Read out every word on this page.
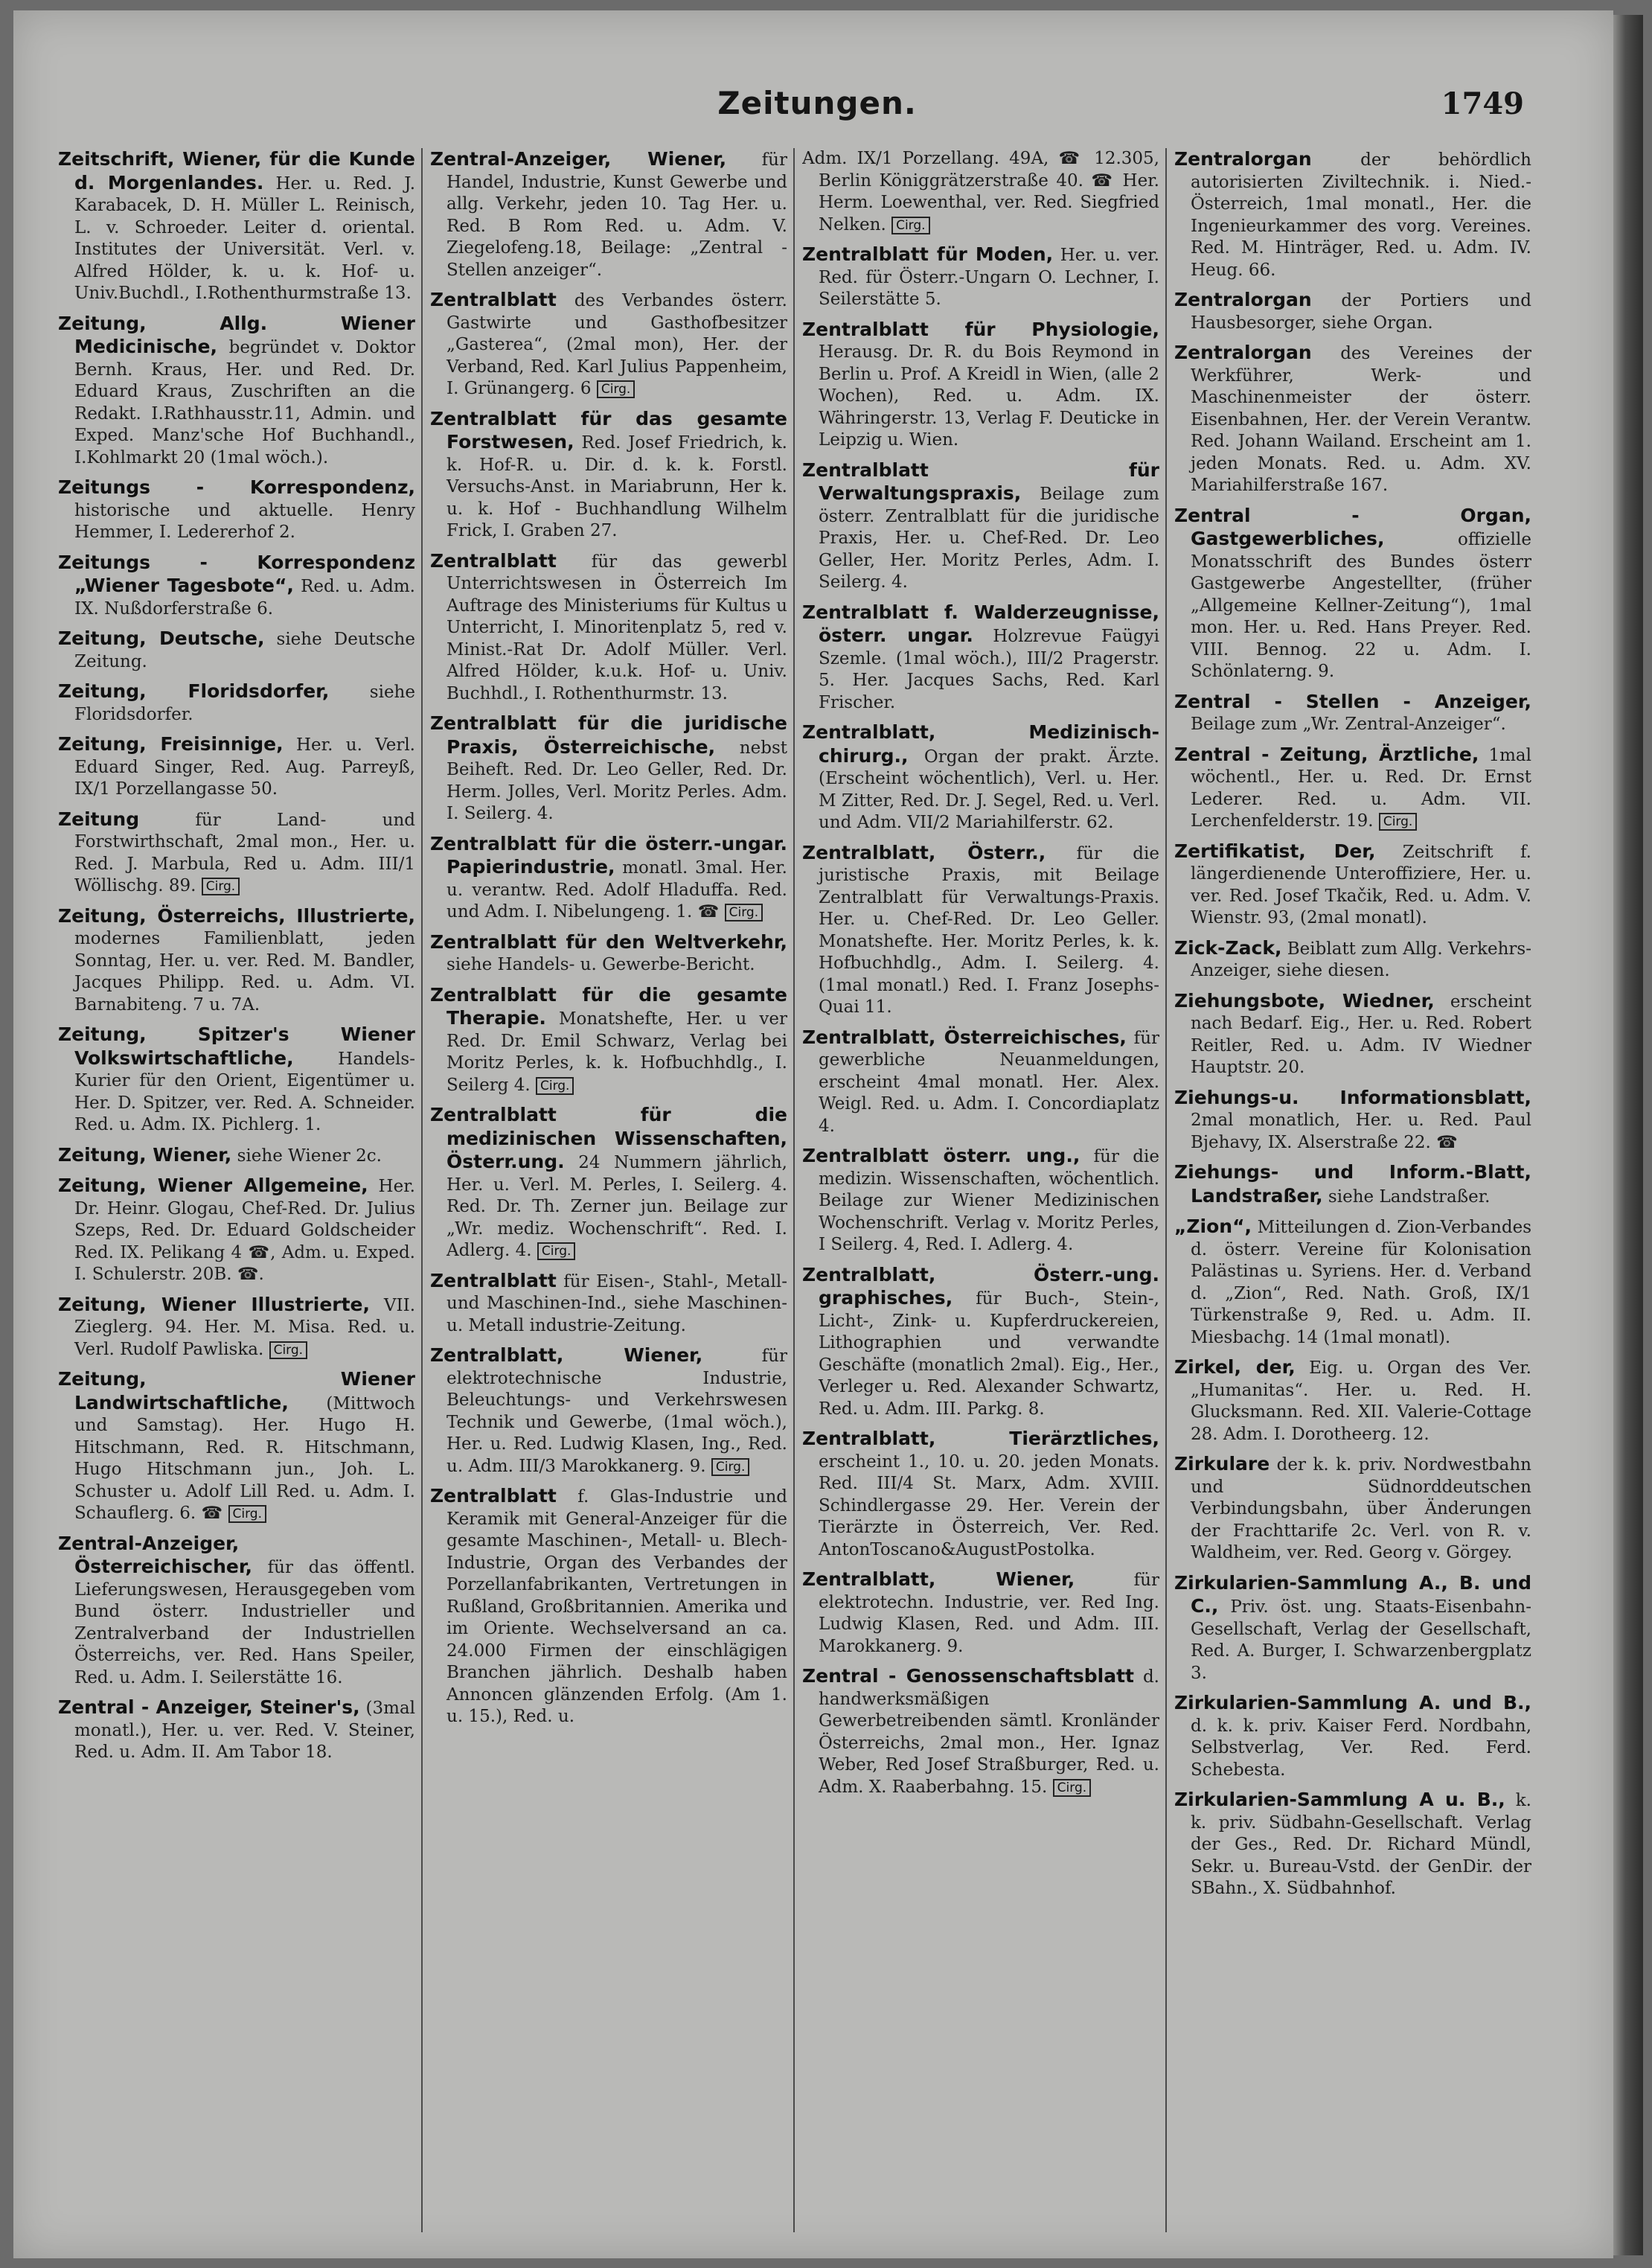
Zeitungen.	1749

Zeitschrift, Wiener, für die Kunde d. Morgenlandes. Her. u. Red. J. Karabacek, D. H. Müller L. Reinisch, L. v. Schroeder. Leiter d. oriental. Institutes der Universität. Verl. v. Alfred Hölder, k. u. k. Hof- u. Univ.Buchdl., I.Rothenthurmstraße 13.

Zeitung, Allg. Wiener Medicinische, begründet v. Doktor Bernh. Kraus, Her. und Red. Dr. Eduard Kraus, Zuschriften an die Redakt. I.Rathhausstr.11, Admin. und Exped. Manz'sche Hof Buchhandl., I.Kohlmarkt 20 (1mal wöch.).

Zeitungs - Korrespondenz, historische und aktuelle. Henry Hemmer, I. Ledererhof 2.

Zeitungs - Korrespondenz „Wiener Tagesbote“, Red. u. Adm. IX. Nußdorferstraße 6.

Zeitung, Deutsche, siehe Deutsche Zeitung.

Zeitung, Floridsdorfer, siehe Floridsdorfer.

Zeitung, Freisinnige, Her. u. Verl. Eduard Singer, Red. Aug. Parreyß, IX/1 Porzellangasse 50.

Zeitung für Land- und Forstwirthschaft, 2mal mon., Her. u. Red. J. Marbula, Red u. Adm. III/1 Wöllischg. 89. Cirg.

Zeitung, Österreichs, Illustrierte, modernes Familienblatt, jeden Sonntag, Her. u. ver. Red. M. Bandler, Jacques Philipp. Red. u. Adm. VI. Barnabiteng. 7 u. 7A.

Zeitung, Spitzer's Wiener Volkswirtschaftliche, Handels-Kurier für den Orient, Eigentümer u. Her. D. Spitzer, ver. Red. A. Schneider. Red. u. Adm. IX. Pichlerg. 1.

Zeitung, Wiener, siehe Wiener 2c.

Zeitung, Wiener Allgemeine, Her. Dr. Heinr. Glogau, Chef-Red. Dr. Julius Szeps, Red. Dr. Eduard Goldscheider Red. IX. Pelikang 4 ☎, Adm. u. Exped. I. Schulerstr. 20B. ☎.

Zeitung, Wiener Illustrierte, VII. Zieglerg. 94. Her. M. Misa. Red. u. Verl. Rudolf Pawliska. Cirg.

Zeitung, Wiener Landwirtschaftliche, (Mittwoch und Samstag). Her. Hugo H. Hitschmann, Red. R. Hitschmann, Hugo Hitschmann jun., Joh. L. Schuster u. Adolf Lill Red. u. Adm. I. Schauflerg. 6. ☎ Cirg.

Zentral-Anzeiger, Österreichischer, für das öffentl. Lieferungswesen, Herausgegeben vom Bund österr. Industrieller und Zentralverband der Industriellen Österreichs, ver. Red. Hans Speiler, Red. u. Adm. I. Seilerstätte 16.

Zentral - Anzeiger, Steiner's, (3mal monatl.), Her. u. ver. Red. V. Steiner, Red. u. Adm. II. Am Tabor 18.

Zentral-Anzeiger, Wiener, für Handel, Industrie, Kunst Gewerbe und allg. Verkehr, jeden 10. Tag Her. u. Red. B Rom Red. u. Adm. V. Ziegelofeng.18, Beilage: „Zentral - Stellen anzeiger“.

Zentralblatt des Verbandes österr. Gastwirte und Gasthofbesitzer „Gasterea“, (2mal mon), Her. der Verband, Red. Karl Julius Pappenheim, I. Grünangerg. 6 Cirg.

Zentralblatt für das gesamte Forstwesen, Red. Josef Friedrich, k. k. Hof-R. u. Dir. d. k. k. Forstl. Versuchs-Anst. in Mariabrunn, Her k. u. k. Hof - Buchhandlung Wilhelm Frick, I. Graben 27.

Zentralblatt für das gewerbl Unterrichtswesen in Österreich Im Auftrage des Ministeriums für Kultus u Unterricht, I. Minoritenplatz 5, red v. Minist.-Rat Dr. Adolf Müller. Verl. Alfred Hölder, k.u.k. Hof- u. Univ. Buchhdl., I. Rothenthurmstr. 13.

Zentralblatt für die juridische Praxis, Österreichische, nebst Beiheft. Red. Dr. Leo Geller, Red. Dr. Herm. Jolles, Verl. Moritz Perles. Adm. I. Seilerg. 4.

Zentralblatt für die österr.-ungar. Papierindustrie, monatl. 3mal. Her. u. verantw. Red. Adolf Hladuffa. Red. und Adm. I. Nibelungeng. 1. ☎ Cirg.

Zentralblatt für den Weltverkehr, siehe Handels- u. Gewerbe-Bericht.

Zentralblatt für die gesamte Therapie. Monatshefte, Her. u ver Red. Dr. Emil Schwarz, Verlag bei Moritz Perles, k. k. Hofbuchhdlg., I. Seilerg 4. Cirg.

Zentralblatt für die medizinischen Wissenschaften, Österr.ung. 24 Nummern jährlich, Her. u. Verl. M. Perles, I. Seilerg. 4. Red. Dr. Th. Zerner jun. Beilage zur „Wr. mediz. Wochenschrift“. Red. I. Adlerg. 4. Cirg.

Zentralblatt für Eisen-, Stahl-, Metall- und Maschinen-Ind., siehe Maschinen- u. Metall industrie-Zeitung.

Zentralblatt, Wiener, für elektrotechnische Industrie, Beleuchtungs- und Verkehrswesen Technik und Gewerbe, (1mal wöch.), Her. u. Red. Ludwig Klasen, Ing., Red. u. Adm. III/3 Marokkanerg. 9. Cirg.

Zentralblatt f. Glas-Industrie und Keramik mit General-Anzeiger für die gesamte Maschinen-, Metall- u. Blech-Industrie, Organ des Verbandes der Porzellanfabrikanten, Vertretungen in Rußland, Großbritannien. Amerika und im Oriente. Wechselversand an ca. 24.000 Firmen der einschlägigen Branchen jährlich. Deshalb haben Annoncen glänzenden Erfolg. (Am 1. u. 15.), Red. u.

Adm. IX/1 Porzellang. 49A, ☎ 12.305, Berlin Königgrätzerstraße 40. ☎ Her. Herm. Loewenthal, ver. Red. Siegfried Nelken. Cirg.

Zentralblatt für Moden, Her. u. ver. Red. für Österr.-Ungarn O. Lechner, I. Seilerstätte 5.

Zentralblatt für Physiologie, Herausg. Dr. R. du Bois Reymond in Berlin u. Prof. A Kreidl in Wien, (alle 2 Wochen), Red. u. Adm. IX. Währingerstr. 13, Verlag F. Deuticke in Leipzig u. Wien.

Zentralblatt für Verwaltungspraxis, Beilage zum österr. Zentralblatt für die juridische Praxis, Her. u. Chef-Red. Dr. Leo Geller, Her. Moritz Perles, Adm. I. Seilerg. 4.

Zentralblatt f. Walderzeugnisse, österr. ungar. Holzrevue Faügyi Szemle. (1mal wöch.), III/2 Pragerstr. 5. Her. Jacques Sachs, Red. Karl Frischer.

Zentralblatt, Medizinisch-chirurg., Organ der prakt. Ärzte. (Erscheint wöchentlich), Verl. u. Her. M Zitter, Red. Dr. J. Segel, Red. u. Verl. und Adm. VII/2 Mariahilferstr. 62.

Zentralblatt, Österr., für die juristische Praxis, mit Beilage Zentralblatt für Verwaltungs-Praxis. Her. u. Chef-Red. Dr. Leo Geller. Monatshefte. Her. Moritz Perles, k. k. Hofbuchhdlg., Adm. I. Seilerg. 4. (1mal monatl.) Red. I. Franz Josephs-Quai 11.

Zentralblatt, Österreichisches, für gewerbliche Neuanmeldungen, erscheint 4mal monatl. Her. Alex. Weigl. Red. u. Adm. I. Concordiaplatz 4.

Zentralblatt österr. ung., für die medizin. Wissenschaften, wöchentlich. Beilage zur Wiener Medizinischen Wochenschrift. Verlag v. Moritz Perles, I Seilerg. 4, Red. I. Adlerg. 4.

Zentralblatt, Österr.-ung. graphisches, für Buch-, Stein-, Licht-, Zink- u. Kupferdruckereien, Lithographien und verwandte Geschäfte (monatlich 2mal). Eig., Her., Verleger u. Red. Alexander Schwartz, Red. u. Adm. III. Parkg. 8.

Zentralblatt, Tierärztliches, erscheint 1., 10. u. 20. jeden Monats. Red. III/4 St. Marx, Adm. XVIII. Schindlergasse 29. Her. Verein der Tierärzte in Österreich, Ver. Red. AntonToscano&AugustPostolka.

Zentralblatt, Wiener, für elektrotechn. Industrie, ver. Red Ing. Ludwig Klasen, Red. und Adm. III. Marokkanerg. 9.

Zentral - Genossenschaftsblatt d. handwerksmäßigen Gewerbetreibenden sämtl. Kronländer Österreichs, 2mal mon., Her. Ignaz Weber, Red Josef Straßburger, Red. u. Adm. X. Raaberbahng. 15. Cirg.

Zentralorgan der behördlich autorisierten Ziviltechnik. i. Nied.-Österreich, 1mal monatl., Her. die Ingenieurkammer des vorg. Vereines. Red. M. Hinträger, Red. u. Adm. IV. Heug. 66.

Zentralorgan der Portiers und Hausbesorger, siehe Organ.

Zentralorgan des Vereines der Werkführer, Werk- und Maschinenmeister der österr. Eisenbahnen, Her. der Verein Verantw. Red. Johann Wailand. Erscheint am 1. jeden Monats. Red. u. Adm. XV. Mariahilferstraße 167.

Zentral - Organ, Gastgewerbliches, offizielle Monatsschrift des Bundes österr Gastgewerbe Angestellter, (früher „Allgemeine Kellner-Zeitung“), 1mal mon. Her. u. Red. Hans Preyer. Red. VIII. Bennog. 22 u. Adm. I. Schönlaterng. 9.

Zentral - Stellen - Anzeiger, Beilage zum „Wr. Zentral-Anzeiger“.

Zentral - Zeitung, Ärztliche, 1mal wöchentl., Her. u. Red. Dr. Ernst Lederer. Red. u. Adm. VII. Lerchenfelderstr. 19. Cirg.

Zertifikatist, Der, Zeitschrift f. längerdienende Unteroffiziere, Her. u. ver. Red. Josef Tkačik, Red. u. Adm. V. Wienstr. 93, (2mal monatl).

Zick-Zack, Beiblatt zum Allg. Verkehrs-Anzeiger, siehe diesen.

Ziehungsbote, Wiedner, erscheint nach Bedarf. Eig., Her. u. Red. Robert Reitler, Red. u. Adm. IV Wiedner Hauptstr. 20.

Ziehungs-u. Informationsblatt, 2mal monatlich, Her. u. Red. Paul Bjehavy, IX. Alserstraße 22. ☎

Ziehungs- und Inform.-Blatt, Landstraßer, siehe Landstraßer.

„Zion“, Mitteilungen d. Zion-Verbandes d. österr. Vereine für Kolonisation Palästinas u. Syriens. Her. d. Verband d. „Zion“, Red. Nath. Groß, IX/1 Türkenstraße 9, Red. u. Adm. II. Miesbachg. 14 (1mal monatl).

Zirkel, der, Eig. u. Organ des Ver. „Humanitas“. Her. u. Red. H. Glucksmann. Red. XII. Valerie-Cottage 28. Adm. I. Dorotheerg. 12.

Zirkulare der k. k. priv. Nordwestbahn und Südnorddeutschen Verbindungsbahn, über Änderungen der Frachttarife 2c. Verl. von R. v. Waldheim, ver. Red. Georg v. Görgey.

Zirkularien-Sammlung A., B. und C., Priv. öst. ung. Staats-Eisenbahn-Gesellschaft, Verlag der Gesellschaft, Red. A. Burger, I. Schwarzenbergplatz 3.

Zirkularien-Sammlung A. und B., d. k. k. priv. Kaiser Ferd. Nordbahn, Selbstverlag, Ver. Red. Ferd. Schebesta.

Zirkularien-Sammlung A u. B., k. k. priv. Südbahn-Gesellschaft. Verlag der Ges., Red. Dr. Richard Mündl, Sekr. u. Bureau-Vstd. der GenDir. der SBahn., X. Südbahnhof.
